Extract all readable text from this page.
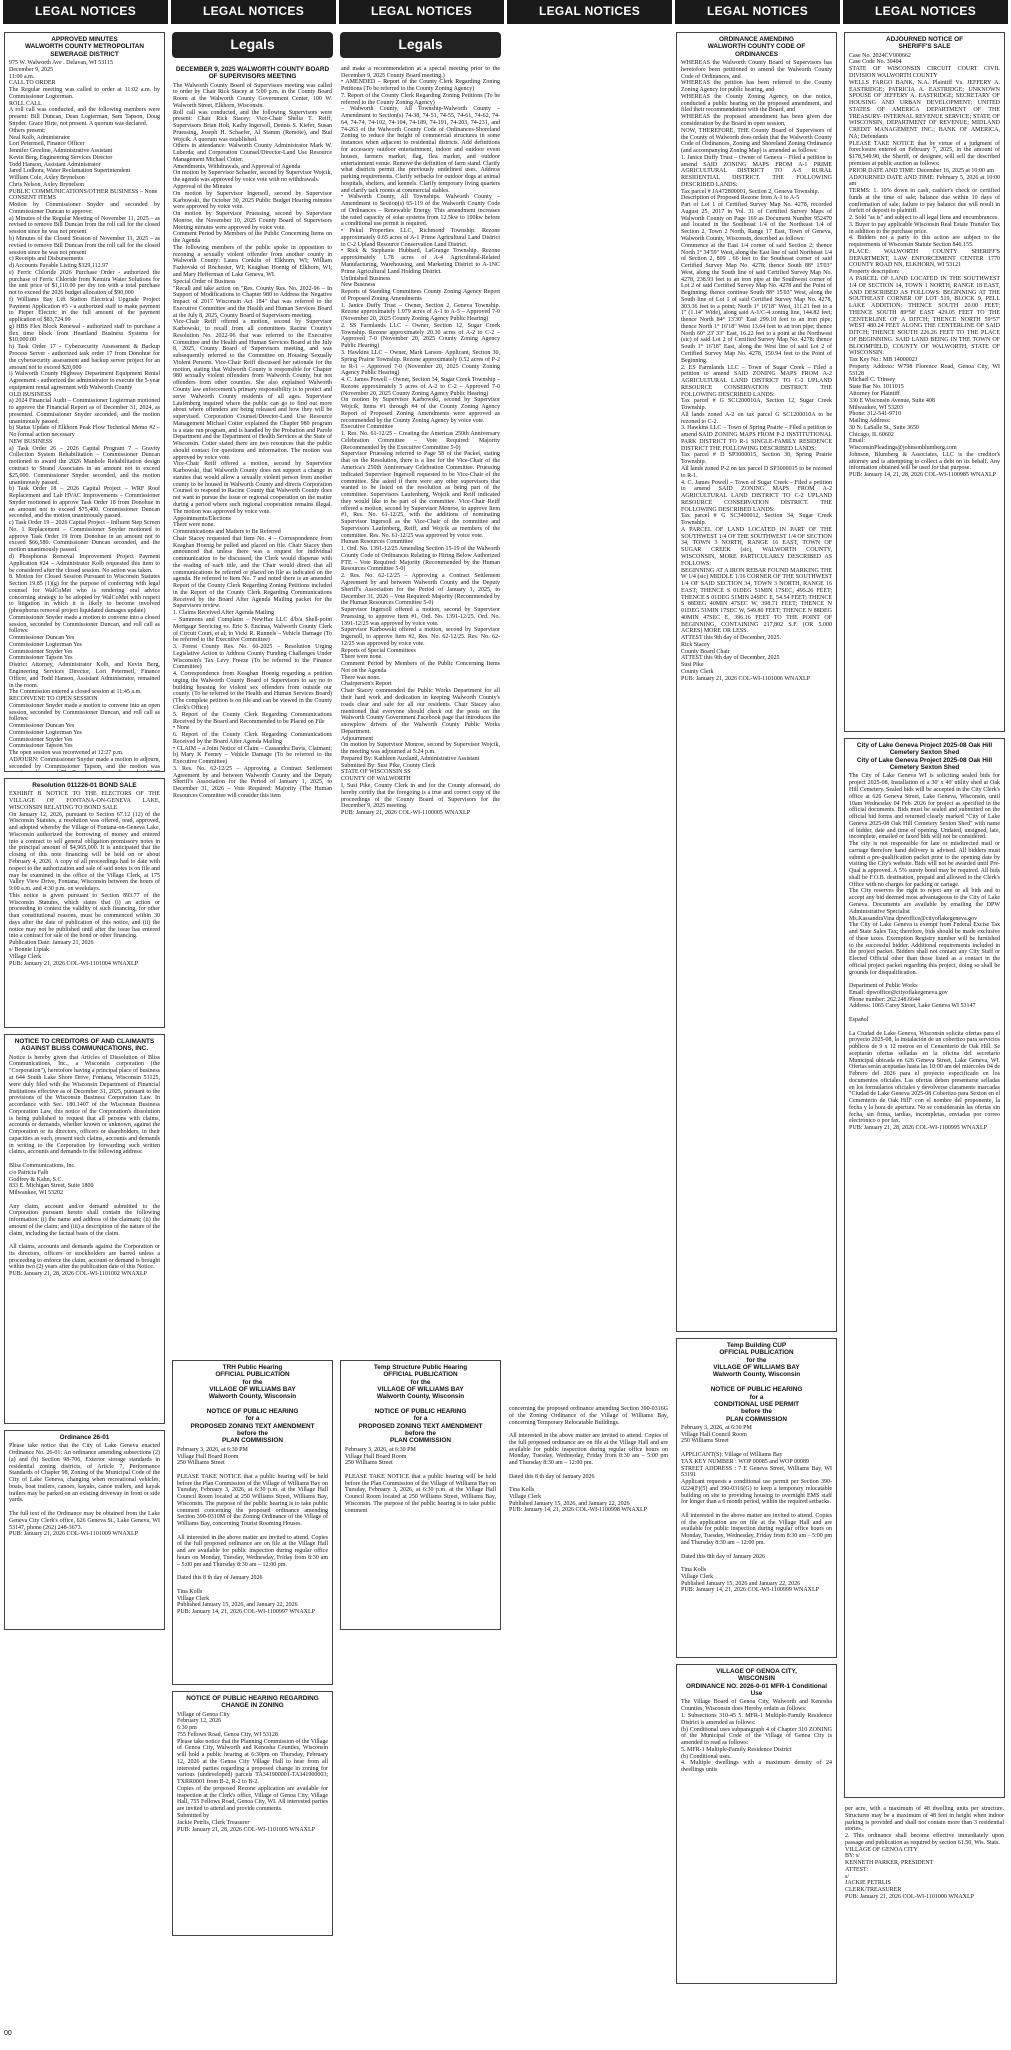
LEGAL NOTICES	LEGAL NOTICES	LEGAL NOTICES	LEGAL NOTICES	LEGAL NOTICES	LEGAL NOTICES
APPROVED MINUTES
WALWORTH COUNTY METROPOLITAN
SEWERAGE DISTRICT
975 W. Walworth Ave . Delavan, WI 53115
December 9, 2025
11:00 a.m.
CALL TO ORDER
The Regular meeting was called to order at 11:02 a.m. by Commissioner Logterman.
ROLL CALL
A roll call was conducted, and the following members were present: Bill Duncan, Dean Logterman, Sam Tapson, Doug Snyder. Grace Hirte, not present. A quorum was declared.
Others present:
Neal Kolb, Administrator
Lori Petermeil, Finance Officer
Jennifer Greeline, Administrative Assistant
Kevin Berg, Engineering Services Director
Todd Hanson, Assistant Administrator
Jared Lodhora, Water Reclamation Superintendent
William Cole, Axley Brynelson
Chris Nelson, Axley Brynelson
PUBLIC COMMUNICATIONS/OTHER BUSINESS – None
CONSENT ITEMS
Motion by Commissioner Snyder and seconded by Commissioner Duncan to approve:
a) Minutes of the Regular Meeting of November 11, 2025 – as revised to remove Bill Duncan from the roll call for the closed session since he was not present
b) Minutes of the Closed Session of November 11, 2025 – as revised to remove Bill Duncan from the roll call for the closed session since he was not present
c) Receipts and Disbursements
d) Accounts Payable Listing $329,112.97
e) Ferric Chloride 2026 Purchase Order - authorized the purchase of Ferric Chloride from Kemira Water Solutions for the unit price of $1,110.00 per dry ton with a total purchase not to exceed the 2026 budget allocation of $90,000
f) Williams Bay Lift Station Electrical Upgrade Project Payment Application #3 - a authorized staff to make payment to Pieper Electric in the full amount of the payment application of $83,724.99
g) HBS Flex Block Renewal - authorized staff to purchase a flex time block from Heartland Business Systems for $10,000.00
h) Task Order 17 - Cybersecurity Assessment & Backup Process Server - authorized task order 17 from Donohue for the cybersecurity assessment and backup server project for an amount not to exceed $20,000
i) Walworth County Highway Department Equipment Rental Agreement - authorized the administrator to execute the 5-year equipment rental agreement with Walworth County
OLD BUSINESS
a) 2024 Financial Audit – Commissioner Logterman motioned to approve the Financial Report as of December 31, 2024, as presented. Commissioner Snyder seconded, and the motion unanimously passed.
b) Status Update of Elkhorn Peak Flow Technical Memo #2 – No formal action necessary
NEW BUSINESS
a) Task Order 26 – 2026 Capital Program 7 – Gravity Collection System Rehabilitation – Commissioner Duncan motioned to award the 2026 Manhole Rehabilitation design contract to Strand Associates in an amount not to exceed $25,000. Commissioner Snyder seconded, and the motion unanimously passed.
b) Task Order 18 – 2026 Capital Project – WRF Roof Replacement and Lab HVAC Improvements – Commissioner Snyder motioned to approve Task Order 18 from Donohue in an amount not to exceed $75,400. Commissioner Duncan seconded, and the motion unanimously passed.
c) Task Order 19 – 2026 Capital Project – Influent Step Screen No. 1 Replacement – Commissioner Snyder motioned to approve Task Order 19 from Donohue in an amount not to exceed $66,580. Commissioner Duncan seconded, and the motion unanimously passed.
d) Phosphorus Removal Improvement Project Payment Application #24 – Administrator Kolb requested this item to be considered after the closed session. No action was taken.
8. Motion for Closed Session Pursuant to Wisconsin Statutes Section 19.85 (1)(g) for the purpose of conferring with legal counsel for WalCoMet who is rendering oral advice concerning strategy to be adopted by WalCoMet with respect to litigation in which it is likely to become involved (phosphorus removal project liquidated damages update)
Commissioner Snyder made a motion to convene into a closed session, seconded by Commissioner Duncan, and roll call as follows:
Commissioner Duncan Yes
Commissioner Logterman Yes
Commissioner Snyder Yes
Commissioner Tapson Yes
District Attorney, Administrator Kolb, and Kevin Berg, Engineering Services Director, Lori Petermeil, Finance Officer, and Todd Hanson, Assistant Administrator, remained in the room.
The Commission entered a closed session at 11:45 a.m.
RECONVENE TO OPEN SESSION
Commissioner Snyder made a motion to convene into an open session, seconded by Commissioner Duncan, and roll call as follows:
Commissioner Duncan Yes
Commissioner Logterman Yes
Commissioner Snyder Yes
Commissioner Tapson Yes
The open session was reconvened at 12:27 p.m.
ADJOURN: Commissioner Snyder made a motion to adjourn, seconded by Commissioner Tapson, and the motion was

Resolution 011226-01 BOND SALE
EXHIBIT B NOTICE TO THE ELECTORS OF THE VILLAGE OF FONTANA-ON-GENEVA LAKE, WISCONSIN RELATING TO BOND SALE
On January 12, 2026, pursuant to Section 67.12 (12) of the Wisconsin Statutes, a resolution was offered, read, approved, and adopted whereby the Village of Fontana-on-Geneva Lake, Wisconsin authorized the borrowing of money and entered into a contract to sell general obligation promissory notes in the principal amount of $4,965,000. It is anticipated that the closing of this note financing will be held on or about February 4, 2026. A copy of all proceedings had to date with respect to the authorization and sale of said notes is on file and may be examined in the office of the Village Clerk, at 175 Valley View Drive, Fontana, Wisconsin between the hours of 9:00 a.m. and 4:30 p.m. on weekdays.
This notice is given pursuant to Section 893.77 of the Wisconsin Statutes, which states that (i) an action or proceeding to contest the validity of such financing, for other than constitutional reasons, must be commenced within 30 days after the date of publication of this notice, and (ii) the notice may not be published until after the issue has entered into a contract for sale of the bond or other financing.
Publication Date: January 21, 2026
s/ Bonnie Liptak
Village Clerk
PUB: January 21, 2026 COL-WI-1101004 WNAXLP
NOTICE TO CREDITORS OF AND CLAIMANTS AGAINST BLISS COMMUNICATIONS, INC.
Notice is hereby given that Articles of Dissolution of Bliss Communications, Inc., a Wisconsin corporation (the "Corporation"), heretofore having a principal place of business at 644 South Lake Shore Drive, Fontana, Wisconsin 53125, were duly filed with the Wisconsin Department of Financial Institutions effective as of December 31, 2025, pursuant to the provisions of the Wisconsin Business Corporation Law. In accordance with Sec. 180.1407 of the Wisconsin Business Corporation Law, this notice of the Corporation's dissolution is being published to request that all persons with claims, accounts or demands, whether known or unknown, against the Corporation or its directors, officers or shareholders, in their capacities as such, present such claims, accounts and demands in writing to the Corporation by forwarding such written claims, accounts and demands to the following address:

Bliss Communications, Inc.
c/o Patricia Falb
Godfrey & Kahn, S.C.
833 E. Michigan Street, Suite 1800
Milwaukee, WI 53202

Any claim, account and/or demand submitted to the Corporation pursuant hereto shall contain the following information: (i) the name and address of the claimant; (ii) the amount of the claim; and (iii) a description of the nature of the claim, including the factual basis of the claim.

All claims, accounts and demands against the Corporation or its directors, officers or stockholders are barred unless a proceeding to enforce the claim, account or demand is brought within two (2) years after the publication date of this Notice.
PUB: January 21, 28, 2026 COL-WI-1101002 WNAXLP
Ordinance 26-01
Please take notice that the City of Lake Geneva enacted Ordinance No. 26-01: An ordinance amending subsections (2)(a) and (b) Section 98-706, Exterior storage standards in residential zoning districts, of Article 7, Performance Standards of Chapter 98, Zoning of the Municipal Code of the City of Lake Geneva, changing when recreational vehicles, boats, boat trailers, canoes, kayaks, canoe trailers, and kayak trailers may be parked on an existing driveway in front or side yards.

The full text of the Ordinance may be obtained from the Lake Geneva City Clerk's office, 626 Geneva St., Lake Geneva, WI 53147, phone (262) 248-3673.
PUB: January 21, 2026 COL-WI-1101009 WNAXLP
Legals
DECEMBER 9, 2025 WALWORTH COUNTY BOARD OF SUPERVISORS MEETING
The Walworth County Board of Supervisors meeting was called to order by Chair Rick Stacey at 5:00 p.m. in the County Board Room at the Walworth County Government Center, 100 W. Walworth Street, Elkhorn, Wisconsin.
Roll call was conducted, and the following Supervisors were present: Chair Rick Stacey; Vice-Chair Shelia T. Reiff, Supervisors Brian Holt, Kathy Ingersoll, Dennis S. Kiefer, Susan Pruessing, Joseph H. Schaefer, Al Stamm (Remote), and Bud Wojcik. A quorum was established.
Others in attendance: Walworth County Administrator Mark W. Luberda; and Corporation Counsel/Director-Land Use Resource Management Michael Cotter.
Amendments, Withdrawals, and Approval of Agenda
On motion by Supervisor Schaefer, second by Supervisor Wojcik, the agenda was approved by voice vote with no withdrawals.
Approval of the Minutes
On motion by Supervisor Ingersoll, second by Supervisor Karbowski, the October 30, 2025 Public Budget Hearing minutes were approved by voice vote.
On motion by Supervisor Pruessing, second by Supervisor Monroe, the November 10, 2025 County Board of Supervisors Meeting minutes were approved by voice vote.
Comment Period by Members of the Public Concerning Items on the Agenda
The following members of the public spoke in opposition to rezoning a sexually violent offender from another county in Walworth County: Laura Conklin of Elkhorn, WI; William Fazhovski of Rochester, WI; Keaghan Hoenig of Elkhorn, WI; and Mary Hefferman of Lake Geneva, WI.
Special Order of Business
"Recall and take action on "Res. County Res. No. 2022-96 – In Support of Modifications to Chapter 980 to Address the Negative Impact of 2017 Wisconsin Act 184" that was referred to the Executive Committee and the Health and Human Services Board at the July 8, 2025, County Board of Supervisors meeting.
Vice-Chair Reiff offered a motion, second by Supervisor Karbowski, to recall from all committees Racine County's Resolution No. 2022-96 that was referred to the Executive Committee and the Health and Human Services Board at the July 8, 2025, County Board of Supervisors meeting, and was subsequently referred to the Committee on Housing Sexually Violent Persons. Vice-Chair Reiff discussed her rationale for the motion, stating that Walworth County is responsible for Chapter 980 sexually violent offenders from Walworth County, but not offenders from other counties. She also explained Walworth County law enforcement's primary responsibility is to protect and serve Walworth County residents of all ages. Supervisor Laufenberg inquired where the public can go to find out more about where offenders are being released and how they will be supervised. Corporation Counsel/Director-Land Use Resource Management Michael Cotter explained the Chapter 980 program is a state run program, and is handled by the Probation and Parole Department and the Department of Health Services at the State of Wisconsin. Cotter stated there are two resources that the public should contact for questions and information. The motion was approved by voice vote.
Vice-Chair Reiff offered a motion, second by Supervisor Karbowski, that Walworth County does not support a change in statutes that would allow a sexually violent person from another county to be housed in Walworth County and directs Corporation Counsel to respond to Racine County that Walworth County does not want to pursue the issue or regional cooperation on the matter during a period where such regional cooperation remains illegal. The motion was approved by voice vote.
Appointments/Elections
There were none.
Communications and Matters to Be Referred
Chair Stacey requested that Item No. 4 – Correspondence from Keaghan Hoenig be pulled and placed on file. Chair Stacey then announced that unless there was a request for individual communication to be discussed, the Clerk would dispense with the reading of each title, and the Chair would direct that all communications be referred or placed on file as indicated on the agenda. He referred to Item No. 7 and noted there is an amended Report of the County Clerk Regarding Zoning Petitions included in the Report of the County Clerk Regarding Communications Received by the Board After Agenda Mailing packet for the Supervisors review.
1. Claims Received After Agenda Mailing
– Summons and Complaint – NewHaz LLC d/b/a Shell-point Mortgage Servicing vs. Eric S. Encinas, Walworth County Clerk of Circuit Court, et al; to Vicki R. Runnels – Vehicle Damage (To be referred to the Executive Committee)
3. Forest County Res. No. 60-2025 – Resolution Urging Legislative Action to Address County Funding Challenges Under Wisconsin's Tax Levy Freeze (To be referred to the Finance Committee)
4. Correspondence from Keaghan Hoenig regarding a petition urging the Walworth County Board of Supervisors to say no to building housing for violent sex offenders from outside our county. (To be referred to the Health and Human Services Board) (The complete petition is on file and can be viewed in the County Clerk's Office)
5. Report of the County Clerk Regarding Communications Received by the Board and Recommended to be Placed on File
• None
6. Report of the County Clerk Regarding Communications Received by the Board After Agenda Mailing
• CLAIM – a Joint Notice of Claim – Cassandra Davis, Claimant; b) Mary K Feeney – Vehicle Damage (To be referred to the Executive Committee)
3. Res. No. 62-12/25 – Approving a Contract Settlement Agreement by and between Walworth County and the Deputy Sheriff's Association for the Period of January 1, 2025, to December 31, 2026 – Vote Required: Majority (The Human Resources Committee will consider this item
TRH Public Hearing
OFFICIAL PUBLICATION
for the
VILLAGE OF WILLIAMS BAY
Walworth County, Wisconsin

NOTICE OF PUBLIC HEARING
for a
PROPOSED ZONING TEXT AMENDMENT
before the
PLAN COMMISSION
February 3, 2026, at 6:30 PM
Village Hall Board Room
250 Williams Street

PLEASE TAKE NOTICE that a public hearing will be held before the Plan Commission of the Village of Williams Bay on Tuesday, February 3, 2026, at 6:30 p.m. at the Village Hall Council Room located at 250 Williams Street, Williams Bay, Wisconsin. The purpose of the public hearing is to take public comment concerning the proposed ordinance amending Section 390-0310M of the Zoning Ordinance of the Village of Williams Bay, concerning Tourist Rooming Houses.

All interested in the above matter are invited to attend. Copies of the full proposed ordinance are on file at the Village Hall and are available for public inspection during regular office hours on Monday, Tuesday, Wednesday, Friday from 8:30 am – 5:00 pm and Thursday 8:30 am – 12:00 pm.

Dated this 8 th day of January 2026

Tina Kolls
Village Clerk
Published January 15, 2026, and January 22, 2026
PUB: January 14, 21, 2026 COL-WI-1100997 WNAXLP
NOTICE OF PUBLIC HEARING REGARDING CHANGE IN ZONING
Village of Genoa City
February 12, 2026
6:30 pm
755 Fellows Road, Genoa City, WI 53128
Please take notice that the Planning Commission of the Village of Genoa City, Walworth and Kenosha Counties, Wisconsin will hold a public hearing at 6:30pm on Thursday, February 12, 2026 at the Genoa City Village Hall to hear from all interested parties regarding a proposed change in zoning for various (undeveloped) parcels TA341900001-TA341900003; TXRR0001 from B-2, R-2 to B-2.
Copies of the proposed Rezone application are available for inspection at the Clerk's office, Village of Genoa City, Village Hall, 755 Fellows Road, Genoa City, WI. All interested parties are invited to attend and provide comments.
Submitted by
Jackie Petrlis, Clerk Treasurer
PUB: January 21, 28, 2026 COL-WI-1101005 WNAXLP
Legals
and make a recommendation at a special meeting prior to the December 9, 2025 County Board meeting.)
• AMENDED – Report of the County Clerk Regarding Zoning Petitions (To be referred to the County Zoning Agency)
7. Report of the County Clerk Regarding Zoning Petitions (To be referred to the County Zoning Agency)
– Walworth County, All Township-Walworth County – Amendment to Section(s) 74-38, 74-51, 74-55, 74-61, 74-62, 74-64, 74-74, 74-102, 74-104, 74-189, 74-191, 74-203, 74-231, and 74-263 of the Walworth County Code of Ordinances-Shoreland Zoning to reduce the height of commercial structures in some instances when adjacent to residential districts. Add definitions for accessory outdoor entertainment, indoor and outdoor event houses, farmers market, flag, flea market, and outdoor entertainment venue. Remove the definition of farm stand. Clarify what districts permit the previously undefined uses. Address parking requirements. Clarify setbacks for outdoor dogs at animal hospitals, shelters, and kennels. Clarify temporary living quarters and clarify tack rooms at commercial stables.
• Walworth County, All Townships. Walworth County – Amendment to Section(s) 65-119 of the Walworth County Code of Ordinances – Renewable Energy. This amendment increases the rated capacity of solar systems from 12.5kw to 100kw before a conditional use permit is required.
• Pekul Properties LLC, Richmond Township. Rezone approximately 0.65 acres of A-1 Prime Agricultural Land District to C-2 Upland Resource Conservation Land District.
• Rick & Stephanie Hubbard, LaGrange Township. Rezone approximately 1.78 acres of A-4 Agricultural-Related Manufacturing, Warehousing, and Marketing District to A-1NC Prime Agricultural Land Holding District.
Unfinished Business
New Business
Reports of Standing Committees County Zoning Agency Report of Proposed Zoning Amendments
1. Janice Duffy Trust – Owner, Section 2, Geneva Township. Rezone approximately 1.079 acres of A-1 to A-5 – Approved 7-0 (November 20, 2025 County Zoning Agency Public Hearing)
2. SS Farmlands LLC – Owner, Section 12, Sugar Creek Township. Rezone approximately 20.30 acres of A-2 to C-2 – Approved 7-0 (November 20, 2025 County Zoning Agency Public Hearing)
3. Hawkins LLC – Owner, Mark Larson- Applicant, Section 30, Spring Prairie Township. Rezone approximately 0.52 acres of P-2 to R-1 – Approved 7-0 (November 20, 2025 County Zoning Agency Public Hearing)
4. C. James Powell – Owner, Section 34, Sugar Creek Township – Rezone approximately 5 acres of A-2 to C-2 – Approved 7-0 (November 20, 2025 County Zoning Agency Public Hearing)
On motion by Supervisor Karbowski, second by Supervisor Wojcik, Items #1 through #4 of the County Zoning Agency Report of Proposed Zoning Amendments were approved as recommended by the County Zoning Agency by voice vote.
Executive Committee
1. Res. No. 61-12/25 – Creating the Americas 250th Anniversary Celebration Committee – Vote Required: Majority (Recommended by the Executive Committee 5-0)
Supervisor Pruessing referred to Page 58 of the Packet, stating that on the Resolution, there is a line for the Vice-Chair of the America's 250th Anniversary Celebration Committee. Pruessing indicated Supervisor Ingersoll requested to be Vice-Chair of the committee. She asked if there were any other supervisors that wanted to be listed on the resolution as being part of the committee. Supervisors Laufenberg, Wojcik and Reiff indicated they would like to be part of the committee. Vice-Chair Reiff offered a motion, second by Supervisor Monroe, to approve Item #1, Res. No. 61-12/25, with the additions of nominating Supervisor Ingersoll as the Vice-Chair of the committee and Supervisors Laufenberg, Reiff, and Wojcik as members of the committee. Res. No. 61-12/25 was approved by voice vote.
Human Resources Committee
1. Ord. No. 1391-12/25 Amending Section 15-19 of the Walworth County Code of Ordinances Relating to Hiring Below Authorized FTE – Vote Required: Majority (Recommended by the Human Resources Committee 5-0)
2. Res. No. 62-12/25 – Approving a Contract Settlement Agreement by and between Walworth County and the Deputy Sheriff's Association for the Period of January 1, 2025, to December 31, 2026 – Vote Required: Majority (Recommended by the Human Resources Committee 5-0)
Supervisor Ingersoll offered a motion, second by Supervisor Pruessing, to approve Item #1, Ord. No. 1391-12/25. Ord. No. 1391-12/25 was approved by voice vote.
Supervisor Karbowski offered a motion, second by Supervisor Ingersoll, to approve Item #2, Res. No. 62-12/25. Res. No. 62-12/25 was approved by voice vote.
Reports of Special Committees
There were none.
Comment Period by Members of the Public Concerning Items Not on the Agenda
There was none.
Chairperson's Report
Chair Stacey commended the Public Works Department for all their hard work and dedication in keeping Walworth County's roads clear and safe for all our residents. Chair Stacey also mentioned that everyone should check out the posts on the Walworth County Government Facebook page that introduces the snowplow drivers of the Walworth County Public Works Department.
Adjournment
On motion by Supervisor Monroe, second by Supervisor Wojcik, the meeting was adjourned at 5:24 p.m.
Prepared By: Kathleen Auxland, Administrative Assistant
Submitted By: Susi Pike, County Clerk
STATE OF WISCONSIN SS
COUNTY OF WALWORTH
I, Susi Pike, County Clerk in and for the County aforesaid, do hereby certify that the foregoing is a true and correct copy of the proceedings of the County Board of Supervisors for the December 9, 2025 meeting.
PUB: January 21, 2026 COL-WI-1100005 WNAXLP
Temp Structure Public Hearing
OFFICIAL PUBLICATION
for the
VILLAGE OF WILLIAMS BAY
Walworth County, Wisconsin

NOTICE OF PUBLIC HEARING
for a
PROPOSED ZONING TEXT AMENDMENT
before the
PLAN COMMISSION
February 3, 2026, at 6:30 PM
Village Hall Board Room
250 Williams Street

PLEASE TAKE NOTICE that a public hearing will be held before the Plan Commission of the Village of Williams Bay on Tuesday, February 3, 2026, at 6:30 p.m. at the Village Hall Council Room located at 250 Williams Street, Williams Bay, Wisconsin. The purpose of the public hearing is to take public comment
concerning the proposed ordinance amending Section 390-0316G of the Zoning Ordinance of the Village of Williams Bay, concerning Temporary Relocatable Buildings.

All interested in the above matter are invited to attend. Copies of the full proposed ordinance are on file at the Village Hall and are available for public inspection during regular office hours on Monday, Tuesday, Wednesday, Friday from 8:30 am – 5:00 pm and Thursday 8:30 am – 12:00 pm.

Dated this 8 th day of January 2026

Tina Kolls
Village Clerk
Published January 15, 2026, and January 22, 2026
PUB: January 14, 21, 2026 COL-WI-1100998 WNAXLP
ORDINANCE AMENDING
WALWORTH COUNTY CODE OF
ORDINANCES
WHEREAS the Walworth County Board of Supervisors has heretofore been petitioned to amend the Walworth County Code of Ordinances, and
WHEREAS the petition has been referred to the County Zoning Agency for public hearing, and
WHEREAS the County Zoning Agency, on due notice, conducted a public hearing on the proposed amendment, and filed their recommendation with the Board, and
WHEREAS the proposed amendment has been given due consideration by the Board in open session,
NOW, THEREFORE, THE County Board of Supervisors of the County of Walworth does ordain that the Walworth County Code of Ordinances, Zoning and Shoreland Zoning Ordinance (and accompanying Zoning Map) is amended as follows:
1. Janice Duffy Trust – Owner of Geneva – Filed a petition to amend SAID ZONING MAPS FROM A-1 PRIME AGRICULTURAL DISTRICT TO A-5 RURAL RESIDENTIAL DISTRICT. THE FOLLOWING DESCRIBED LANDS:
Tax parcel # JA472800001, Section 2, Geneva Township.
Description of Proposed Rezone from A-1 to A-5
Part of Lot 1 of Certified Survey Map No. 4278, recorded August 25, 2017 in Vol. 31 of Certified Survey Maps of Walworth County on Page 169 as Document Number 952470 and located in the Southeast 1/4 of the Northeast 1/4 of Section 2, Town 2 North, Range 17 East, Town of Geneva, Walworth County, Wisconsin, described as follows:
Commence at the East 1/4 corner of said Section 2; thence North 1° 34'59" West, along the East line of said Northeast 1/4 of Section 2, 809 . 66 feet to the Southeast corner of said Certified Survey Map No. 4278; thence South 88° 15'03" West, along the South line of said Certified Survey Map No. 4278, 238.93 feet to an iron pipe at the Southwest corner of Lot 2 of said Certified Survey Map No. 4278 and the Point of Beginning; thence continue South 88° 15'03" West, along the South line of Lot 1 of said Certified Survey Map No. 4278, 303.36 feet to a point; North 1° 16'18" West, 111.21 feet to a 1" (1.14" Wide), along said A-1/C-4 zoning line, 144.82 feet; thence North 84° 13'30" East 299.10 feet to an iron pipe; thence North 1° 16'18" West 13.64 feet to an iron pipe; thence North 60° 23' 33" East, 16.22 feet to a point at the Northwest (sic) of said Lot 2 of Certified Survey Map No. 4278; thence South 1° 16'18" East, along the West line of said Lot 2 of Certified Survey Map No. 4278, 150.94 feet to the Point of Beginning.
2. ES Farmlands LLC – Town of Sugar Creek – Filed a petition to amend SAID ZONING MAPS FROM A-2 AGRICULTURAL LAND DISTRICT TO C-2 UPLAND RESOURCE CONSERVATION DISTRICT. THE FOLLOWING DESCRIBED LANDS:
Tax parcel # G SC1200010A, Section 12, Sugar Creek Township.
All lands zoned A-2 on tax parcel G SC1200010A to be rezoned to C-2.
3. Hawkins LLC – Town of Spring Prairie – Filed a petition to amend SAID ZONING MAPS FROM P-2 INSTITUTIONAL PARK DISTRICT TO R-1 SINGLE-FAMILY RESIDENCE DISTRICT THE FOLLOWING DESCRIBED LANDS:
Tax parcel # D SP3000015, Section 30, Spring Prairie Township.
All lands zoned P-2 on tax parcel D SP3000015 to be rezoned to R-1.
4. C. James Powell – Town of Sugar Creek – Filed a petition to amend SAID ZONING MAPS FROM A-2 AGRICULTURAL LAND DISTRICT TO C-2 UPLAND RESOURCE CONSERVATION DISTRICT. THE FOLLOWING DESCRIBED LANDS:
Tax parcel # G SC3400012, Section 34, Sugar Creek Township.
A PARCEL OF LAND LOCATED IN PART OF THE SOUTHWEST 1/4 OF THE SOUTHWEST 1/4 OF SECTION 34, TOWN 3 NORTH, RANGE 16 EAST, TOWN OF SUGAR CREEK (sic), WALWORTH COUNTY, WISCONSIN, MORE PARTICULARLY DESCRIBED AS FOLLOWS:
BEGINNING AT A IRON REBAR FOUND MARKING THE W 1/4 (sic) MIDDLE 1/16 CORNER OF THE SOUTHWEST 1/4 OF SAID SECTION 34, TOWN 3 NORTH, RANGE 16 EAST; THENCE S 01DEG 51MIN 17SEC, 495.26 FEET; THENCE S 01DEG 51MIN 24SEC E, 54.54 FEET; THENCE S 88DEG 40MIN 47SEC W, 398.71 FEET; THENCE N 01DEG 51MIN 17SEC W, 549.80 FEET; THENCE N 88DEG 40MIN 47SEC E, 396.16 FEET TO THE POINT OF BEGINNING, CONTAINING 217,802 S.F. (OR 5.000 ACRES) MORE OR LESS.
ATTEST this 9th day of December, 2025.
Rick Stacey
County Board Chair
ATTEST this 9th day of December, 2025
Susi Pike
County Clerk
PUB: January 21, 2026 COL-WI-1101006 WNAXLP
Temp Building CUP
OFFICIAL PUBLICATION
for the
VILLAGE OF WILLIAMS BAY
Walworth County, Wisconsin

NOTICE OF PUBLIC HEARING
for a
CONDITIONAL USE PERMIT
before the
PLAN COMMISSION
February 3, 2026, at 6:30 PM
Village Hall Council Room
250 Williams Street

APPLICANT(S): Village of Williams Bay
TAX KEY NUMBER : WOP 00085 and WOP 00089
STREET ADDRESS : 7 E Geneva Street, Williams Bay, WI 53191
Applicant requests a conditional use permit per Section 390-0224(F)(5) and 390-0316(G) to keep a temporary relocatable building on site to providing housing to overnight EMS staff for longer than a 6 month period, within the required setbacks.

All interested in the above matter are invited to attend. Copies of the application are on file at the Village Hall and are available for public inspection during regular office hours on Monday, Tuesday, Wednesday, Friday from 8:30 am – 5:00 pm and Thursday 8:30 am – 12:00 pm.

Dated this 8th day of January 2026

Tina Kolls
Village Clerk
Published January 15, 2026 and January 22, 2026
PUB: January 14, 21, 2026 COL-WI-1100999 WNAXLP
VILLAGE OF GENOA CITY,
WISCONSIN
ORDINANCE NO. 2026-0-01 MFR-1 Conditional Use
The Village Board of Genoa City, Walworth and Kenosha Counties, Wisconsin does Hereby ordain as follows:
1. Subsections 310-45 5. MFR-1 Multiple-Family Residence District is amended as follows:
(b) Conditional uses subparagraph 4 of Chapter 310 ZONING of the Municipal Code of the Village of Genoa City is amended to read as follows:
5. MFR-1 Multiple-Family Residence District
(b) Conditional uses.
4. Multiple dwellings with a maximum density of 24 dwellings units
ADJOURNED NOTICE OF
SHERIFF'S SALE
Case No. 2024CV000662
Case Code No. 30404
STATE OF WISCONSIN CIRCUIT COURT CIVIL DIVISION WALWORTH COUNTY
WELLS FARGO BANK, N.A. Plaintiff Vs. JEFFERY A. EASTRIDGE; PATRICIA A. EASTRIDGE; UNKNOWN SPOUSE OF JEFFERY A. EASTRIDGE; SECRETARY OF HOUSING AND URBAN DEVELOPMENT; UNITED STATES OF AMERICA DEPARTMENT OF THE TREASURY- INTERNAL REVENUE SERVICE; STATE OF WISCONSIN, DEPARTMENT OF REVENUE; MIDLAND CREDIT MANAGEMENT INC.; BANK OF AMERICA, NA; Defendants
PLEASE TAKE NOTICE that by virtue of a judgment of foreclosure entered on February 7, 2025, in the amount of $178,549.90, the Sheriff, or designee, will sell the described premises at public auction as follows:
PRIOR DATE AND TIME: December 16, 2025 at 10:00 am
ADJOURNED DATE AND TIME: February 5, 2026 at 10:00 am
TERMS: 1. 10% down in cash, cashier's check or certified funds at the time of sale; balance due within 10 days of confirmation of sale; failure to pay balance due will result in forfeit of deposit to plaintiff.
2. Sold "as is" and subject to all legal liens and encumbrances.
3. Buyer to pay applicable Wisconsin Real Estate Transfer Tax in addition to the purchase price.
4. Bidders not a party to this action are subject to the requirements of Wisconsin Statute Section 846.155.
PLACE: WALWORTH COUNTY SHERIFF'S DEPARTMENT, LAW ENFORCEMENT CENTER 1770 COUNTY ROAD NN, ELKHORN, WI 53121
Property description:
A PARCEL OF LAND LOCATED IN THE SOUTHWEST 1/4 OF SECTION 14, TOWN 1 NORTH, RANGE 18 EAST, AND DESCRIBED AS FOLLOWS: BEGINNING AT THE SOUTHEAST CORNER OF LOT 519, BLOCK 9, PELL LAKE ADDITION; THENCE SOUTH 20.00 FEET; THENCE SOUTH 89°58' EAST 429.05 FEET TO THE CENTERLINE OF A DITCH; THENCE NORTH 59°57' WEST 480.24 FEET ALONG THE CENTERLINE OF SAID DITCH; THENCE SOUTH 226.26 FEET TO THE PLACE OF BEGINNING. SAID LAND BEING IN THE TOWN OF BLOOMFIELD, COUNTY OF WALWORTH, STATE OF WISCONSIN.
Tax Key No.: MB 1400002J
Property Address: W798 Florence Road, Genoa City, WI 53128
Michael C. Trinsey
State Bar No. 1011015
Attorney for Plaintiff
330 E Wisconsin Avenue, Suite 408
Milwaukee, WI 53203
Phone: 312-541-9710
Mailing Address:
30 N. LaSalle St., Suite 3650
Chicago, IL 60602
Email:
WisconsinPleadings@johnsonblumberg.com
Johnson, Blumberg & Associates, LLC is the creditor's attorney and is attempting to collect a debt on its behalf. Any information obtained will be used for that purpose.
PUB: January 14, 21, 28, 2026 COL-WI-1100985 WNAXLP
City of Lake Geneva Project 2025-08 Oak Hill Cemetery Sexton Shed
City of Lake Geneva Project 2025-08 Oak Hill Cemetery Sexton Shed
The City of Lake Geneva WI is soliciting sealed bids for project 2025-08, Installation of a 30' x 40' utility shed at Oak Hill Cemetery. Sealed bids will be accepted in the City Clerk's office at 626 Geneva Street, Lake Geneva, Wisconsin, until 10am Wednesday 04 Feb. 2026 for project as specified in the official documents. Bids must be sealed and submitted on the official bid forms and returned clearly marked "City of Lake Geneva 2025-08 Oak Hill Cemetery Sexton Shed" with name of bidder, date and time of opening. Undated, unsigned, late, incomplete, emailed or faxed bids will not be considered.
The city is not responsible for late or misdirected mail or carriage therefore hand delivery is advised. All bidders must submit a pre-qualification packet prior to the opening date by visiting the City's website. Bids will not be awarded until Pre-Qual is approved. A 5% surety bond may be required. All bids shall be F.O.B. destination, prepaid and allowed to the Clerk's Office with no charges for packing or cartage.
The City reserves the right to reject any or all bids and to accept any bid deemed most advantageous to the City of Lake Geneva. Documents are available by emailing the DPW Administrative Specialist
Ms.KassandraVina dpwoffice@cityoflakegeneva.gov
The City of Lake Geneva is exempt from Federal Excise Tax and State Sales Tax; therefore, bids should be made exclusive of these taxes. Exemption Registry number will be furnished to the successful bidder. Additional requirements included in the project packet. Bidders shall not contact any City Staff or Elected Official other than those listed as a contact in the official project packet regarding this project, doing so shall be grounds for disqualification.

Department of Public Works
Email: dpwoffice@cityoflakegeneva.gov
Phone number: 262.248.6644
Address: 1065 Carey Street, Lake Geneva WI 53147

Español

La Ciudad de Lake Geneva, Wisconsin solicita ofertas para el proyecto 2025-08, la instalación de un cobertizo para servicios públicos de 9 x 12 metros en el Cementerio de Oak Hill. Se aceptarán ofertas selladas en la oficina del secretario Municipal ubicada en 626 Geneva Street, Lake Geneva, WI. Ofertas serán aceptadas hasta las 10:00 am del miércoles 04 de Febrero del 2026 para el proyecto especificado en los documentos oficiales. Las ofertas deben presentarse selladas en los formularios oficiales y devolverse claramente marcadas "Ciudad de Lake Geneva 2025-08 Cobertizo para Sexton en el Cementerio de Oak Hill" con el nombre del proponente, la fecha y la hora de apertura. No se considerarán las ofertas sin fecha, sin firma, tardías, incompletas, enviadas por correo electrónico o por fax.
PUB: January 21, 28, 2026 COL-WI-1100995 WNAXLP
per acre, with a maximum of 48 dwelling units per structure. Structures may be a maximum of 48 feet in height when indoor parking is provided and shall not contain more than 3 residential stories.
2. This ordinance shall become effective immediately upon passage and publication as required by section 61.50, Wis. Stats.
VILLAGE OF GENOA CITY
BY: s/
KENNETH PARKER, PRESIDENT
ATTEST:
s/
JACKIE PETRLIS
CLERK/TREASURER
PUB: January 21, 2026 COL-WI-1101000 WNAXLP
00
